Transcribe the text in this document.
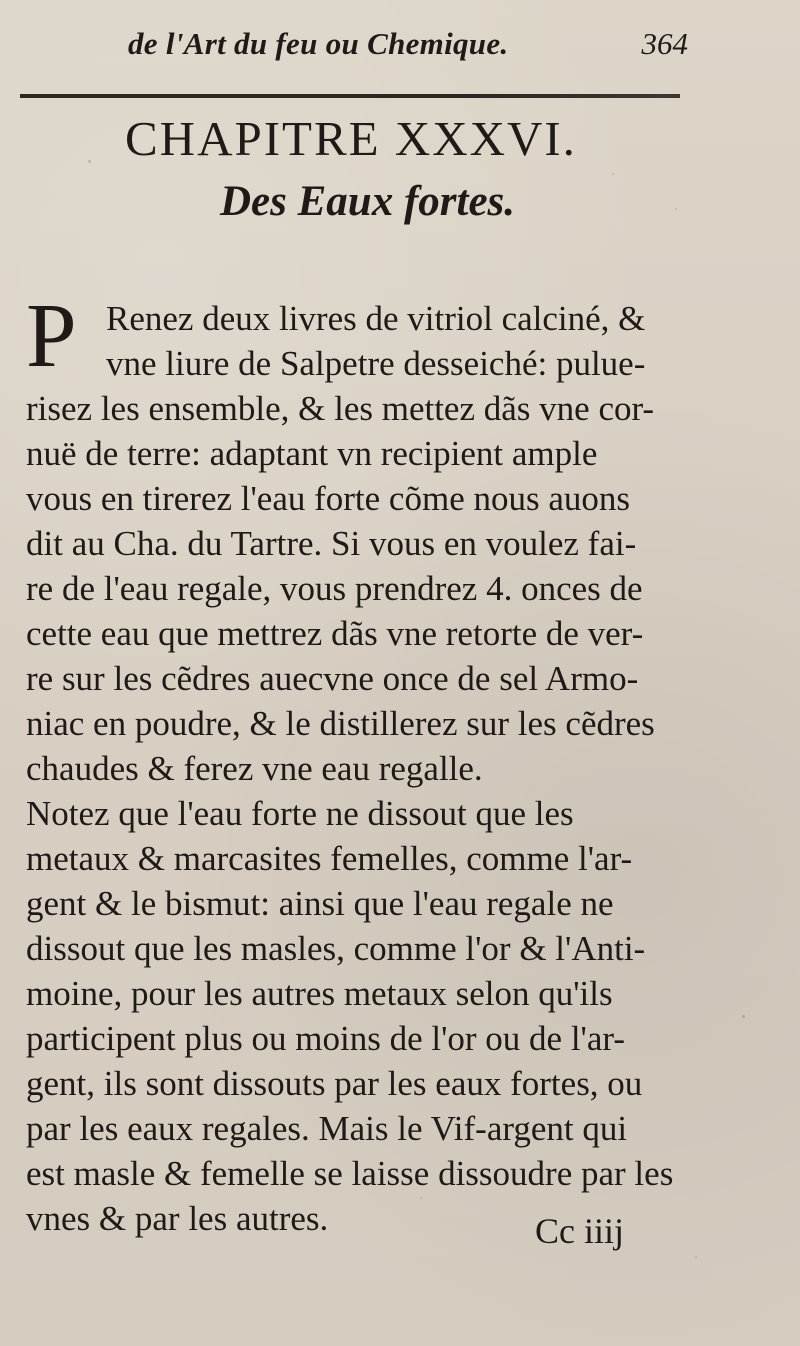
de l'Art du feu ou Chemique.	364
CHAPITRE XXXVI.
Des Eaux fortes.
P Renez deux livres de vitriol calciné, &
vne liure de Salpetre desseiché: pulue-
risez les ensemble, & les mettez dãs vne cor-
nuë de terre: adaptant vn recipient ample
vous en tirerez l'eau forte cõme nous auons
dit au Cha. du Tartre. Si vous en voulez fai-
re de l'eau regale, vous prendrez 4. onces de
cette eau que mettrez dãs vne retorte de ver-
re sur les cẽdres auecvne once de sel Armo-
niac en poudre, & le distillerez sur les cẽdres
chaudes & ferez vne eau regalle.
Notez que l'eau forte ne dissout que les
metaux & marcasites femelles, comme l'ar-
gent & le bismut: ainsi que l'eau regale ne
dissout que les masles, comme l'or & l'Anti-
moine, pour les autres metaux selon qu'ils
participent plus ou moins de l'or ou de l'ar-
gent, ils sont dissouts par les eaux fortes, ou
par les eaux regales. Mais le Vif-argent qui
est masle & femelle se laisse dissoudre par les
vnes & par les autres.	Cc iiij
